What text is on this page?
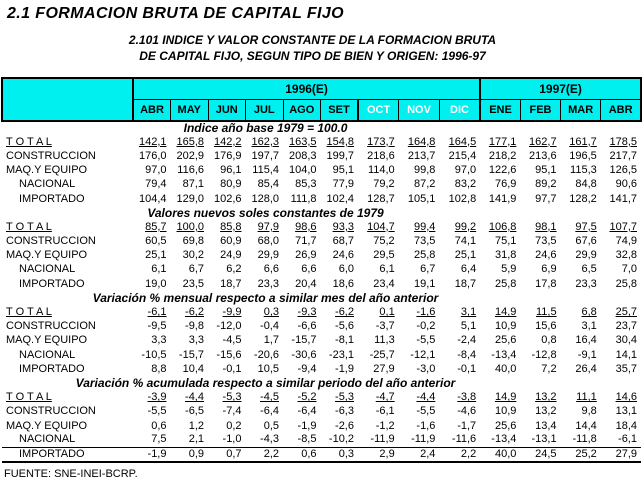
2.1 FORMACION BRUTA DE CAPITAL FIJO
2.101 INDICE Y VALOR CONSTANTE DE LA FORMACION BRUTA
DE CAPITAL FIJO, SEGUN TIPO DE BIEN Y ORIGEN: 1996-97
	1996(E)									1997(E)			
	ABR	MAY	JUN	JUL	AGO	SET	OCT	NOV	DIC	ENE	FEB	MAR	ABR
Indice año base 1979 = 100.0													
T O T A L	142,1	165,8	142,2	162,3	163,5	154,8	173,7	164,8	164,5	177,1	162,7	161,7	178,5
CONSTRUCCION	176,0	202,9	176,9	197,7	208,3	199,7	218,6	213,7	215,4	218,2	213,6	196,5	217,7
MAQ.Y EQUIPO	97,0	116,6	96,1	115,4	104,0	95,1	114,0	99,8	97,0	122,6	95,1	115,3	126,5
NACIONAL	79,4	87,1	80,9	85,4	85,3	77,9	79,2	87,2	83,2	76,9	89,2	84,8	90,6
IMPORTADO	104,4	129,0	102,6	128,0	111,8	102,4	128,7	105,1	102,8	141,9	97,7	128,2	141,7
Valores nuevos soles constantes de 1979													
T O T A L	85,7	100,0	85,8	97,9	98,6	93,3	104,7	99,4	99,2	106,8	98,1	97,5	107,7
CONSTRUCCION	60,5	69,8	60,9	68,0	71,7	68,7	75,2	73,5	74,1	75,1	73,5	67,6	74,9
MAQ.Y EQUIPO	25,1	30,2	24,9	29,9	26,9	24,6	29,5	25,8	25,1	31,8	24,6	29,9	32,8
NACIONAL	6,1	6,7	6,2	6,6	6,6	6,0	6,1	6,7	6,4	5,9	6,9	6,5	7,0
IMPORTADO	19,0	23,5	18,7	23,3	20,4	18,6	23,4	19,1	18,7	25,8	17,8	23,3	25,8
Variación % mensual respecto a similar mes del año anterior													
T O T A L	-6,1	-6,2	-9,9	0,3	-9,3	-6,2	0,1	-1,6	3,1	14,9	11,5	6,8	25,7
CONSTRUCCION	-9,5	-9,8	-12,0	-0,4	-6,6	-5,6	-3,7	-0,2	5,1	10,9	15,6	3,1	23,7
MAQ.Y EQUIPO	3,3	3,3	-4,5	1,7	-15,7	-8,1	11,3	-5,5	-2,4	25,6	0,8	16,4	30,4
NACIONAL	-10,5	-15,7	-15,6	-20,6	-30,6	-23,1	-25,7	-12,1	-8,4	-13,4	-12,8	-9,1	14,1
IMPORTADO	8,8	10,4	-0,1	10,5	-9,4	-1,9	27,9	-3,0	-0,1	40,0	7,2	26,4	35,7
Variación % acumulada respecto a similar periodo del año anterior													
T O T A L	-3,9	-4,4	-5,3	-4,5	-5,2	-5,3	-4,7	-4,4	-3,8	14,9	13,2	11,1	14,6
CONSTRUCCION	-5,5	-6,5	-7,4	-6,4	-6,4	-6,3	-6,1	-5,5	-4,6	10,9	13,2	9,8	13,1
MAQ.Y EQUIPO	0,6	1,2	0,2	0,5	-1,9	-2,6	-1,2	-1,6	-1,7	25,6	13,4	14,4	18,4
NACIONAL	7,5	2,1	-1,0	-4,3	-8,5	-10,2	-11,9	-11,9	-11,6	-13,4	-13,1	-11,8	-6,1
IMPORTADO	-1,9	0,9	0,7	2,2	0,6	0,3	2,9	2,4	2,2	40,0	24,5	25,2	27,9
FUENTE: SNE-INEI-BCRP.
